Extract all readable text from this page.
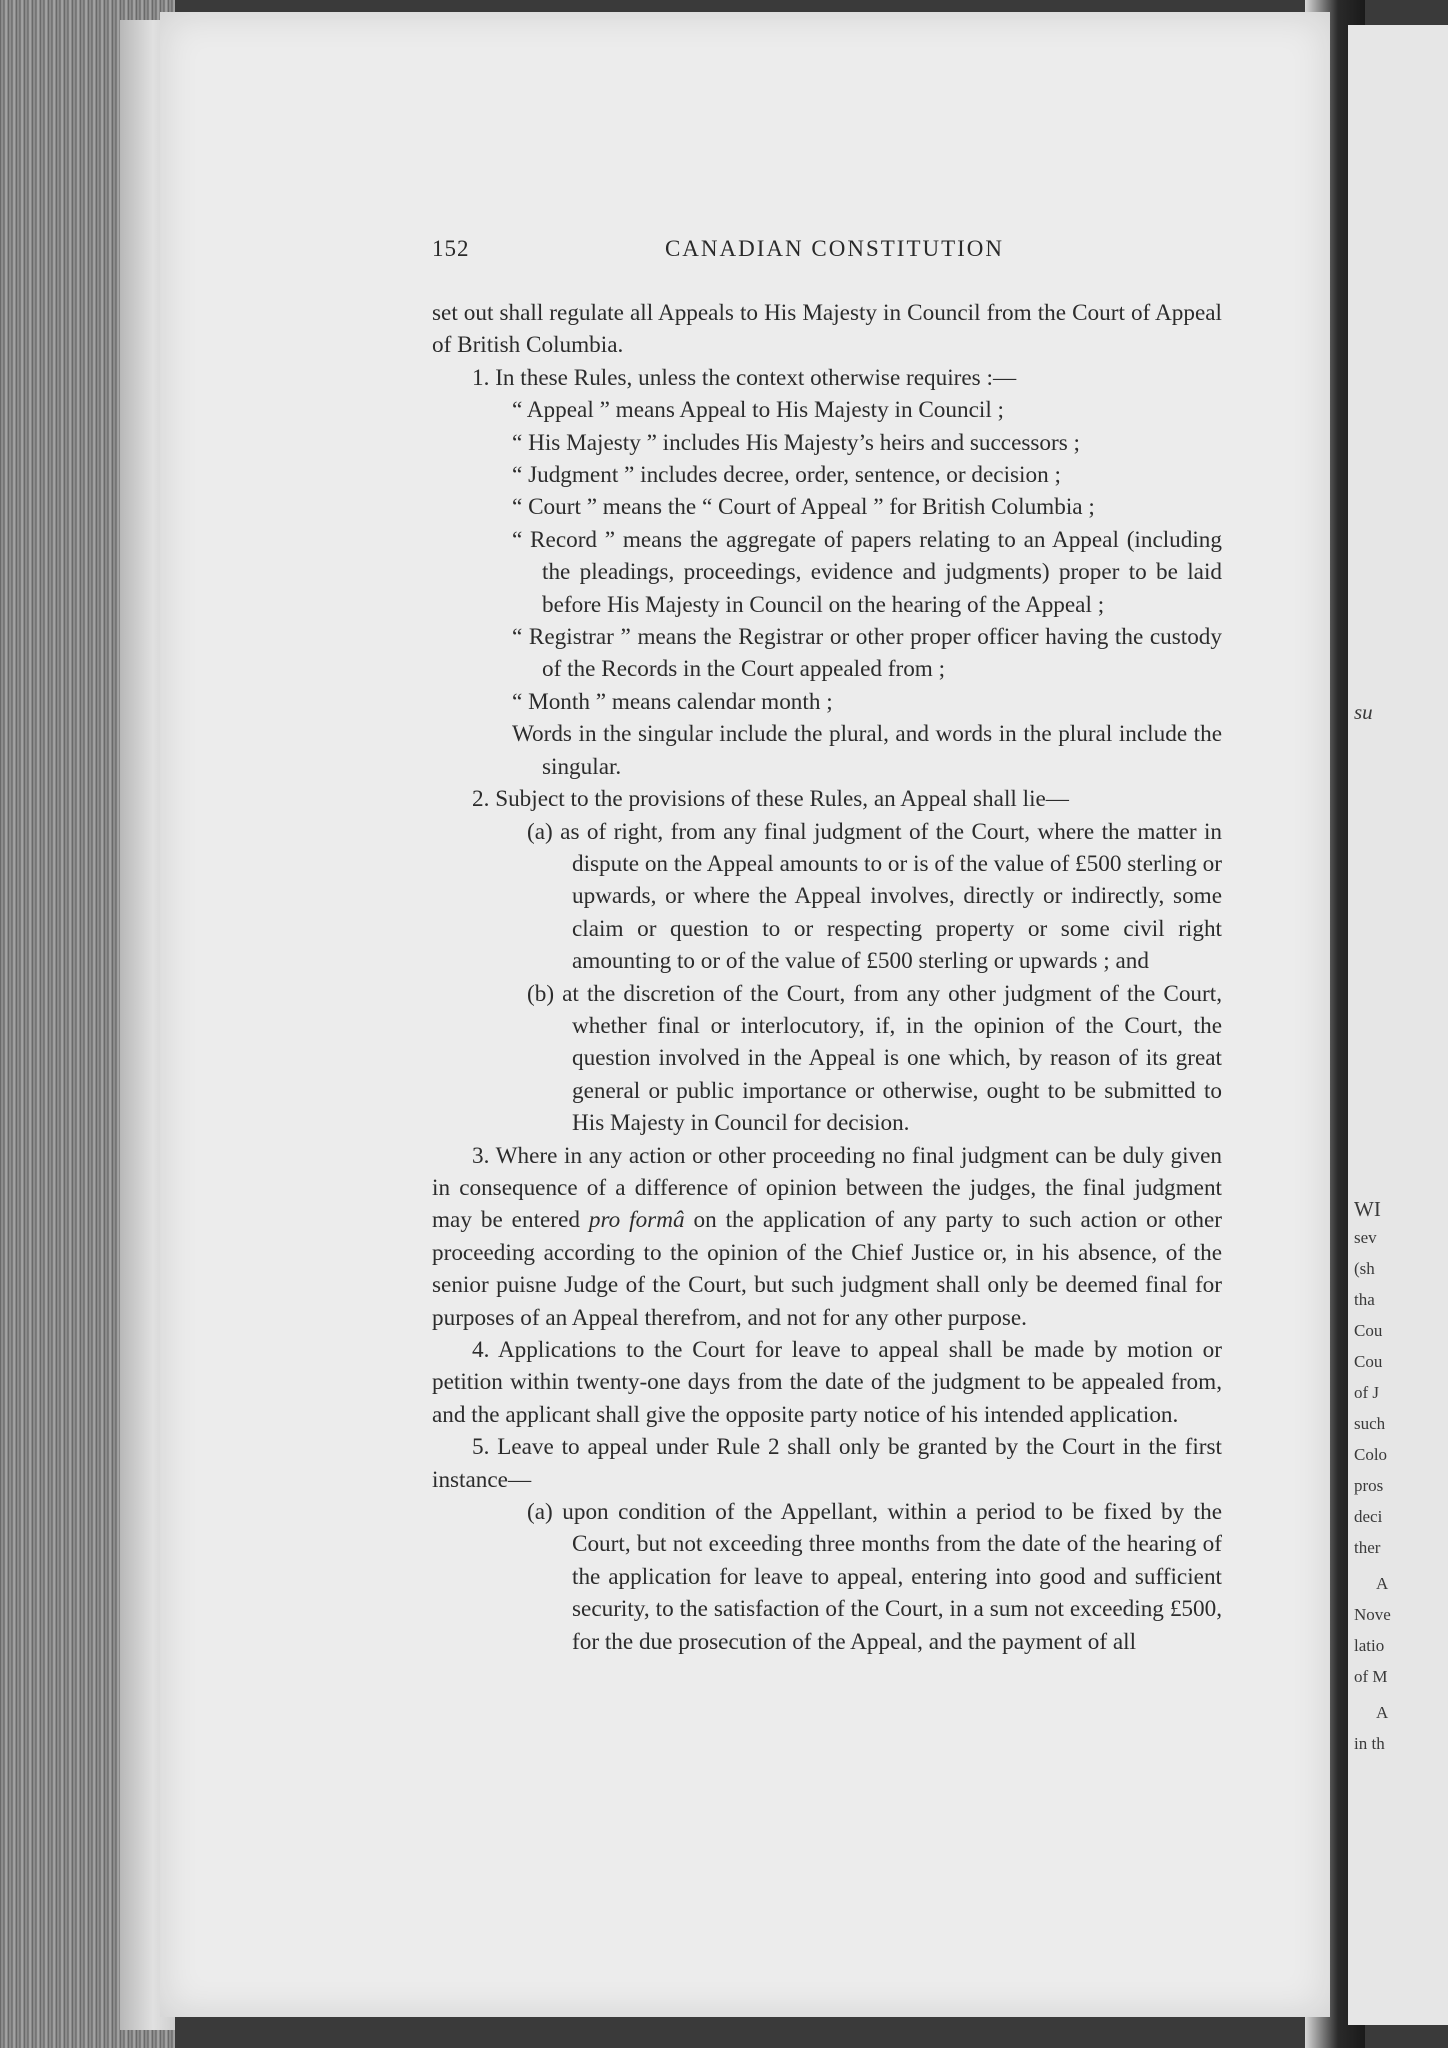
su
WI
sev
(sh
tha
Cou
Cou
of J
such
Colo
pros
deci
ther
A
Nove
latio
of M
A
in th
152	CANADIAN CONSTITUTION

set out shall regulate all Appeals to His Majesty in Council from the Court of Appeal of British Columbia.

1. In these Rules, unless the context otherwise requires :—

“ Appeal ” means Appeal to His Majesty in Council ;

“ His Majesty ” includes His Majesty’s heirs and successors ;

“ Judgment ” includes decree, order, sentence, or decision ;

“ Court ” means the “ Court of Appeal ” for British Columbia ;

“ Record ” means the aggregate of papers relating to an Appeal (including the pleadings, proceedings, evidence and judgments) proper to be laid before His Majesty in Council on the hearing of the Appeal ;

“ Registrar ” means the Registrar or other proper officer having the custody of the Records in the Court appealed from ;

“ Month ” means calendar month ;

Words in the singular include the plural, and words in the plural include the singular.

2. Subject to the provisions of these Rules, an Appeal shall lie—

(a) as of right, from any final judgment of the Court, where the matter in dispute on the Appeal amounts to or is of the value of £500 sterling or upwards, or where the Appeal involves, directly or indirectly, some claim or question to or respecting property or some civil right amounting to or of the value of £500 sterling or upwards ; and

(b) at the discretion of the Court, from any other judgment of the Court, whether final or interlocutory, if, in the opinion of the Court, the question involved in the Appeal is one which, by reason of its great general or public importance or otherwise, ought to be submitted to His Majesty in Council for decision.

3. Where in any action or other proceeding no final judgment can be duly given in consequence of a difference of opinion between the judges, the final judgment may be entered pro formâ on the application of any party to such action or other proceeding according to the opinion of the Chief Justice or, in his absence, of the senior puisne Judge of the Court, but such judgment shall only be deemed final for purposes of an Appeal therefrom, and not for any other purpose.

4. Applications to the Court for leave to appeal shall be made by motion or petition within twenty-one days from the date of the judgment to be appealed from, and the applicant shall give the opposite party notice of his intended application.

5. Leave to appeal under Rule 2 shall only be granted by the Court in the first instance—

(a) upon condition of the Appellant, within a period to be fixed by the Court, but not exceeding three months from the date of the hearing of the application for leave to appeal, entering into good and sufficient security, to the satisfaction of the Court, in a sum not exceeding £500, for the due prosecution of the Appeal, and the payment of all
